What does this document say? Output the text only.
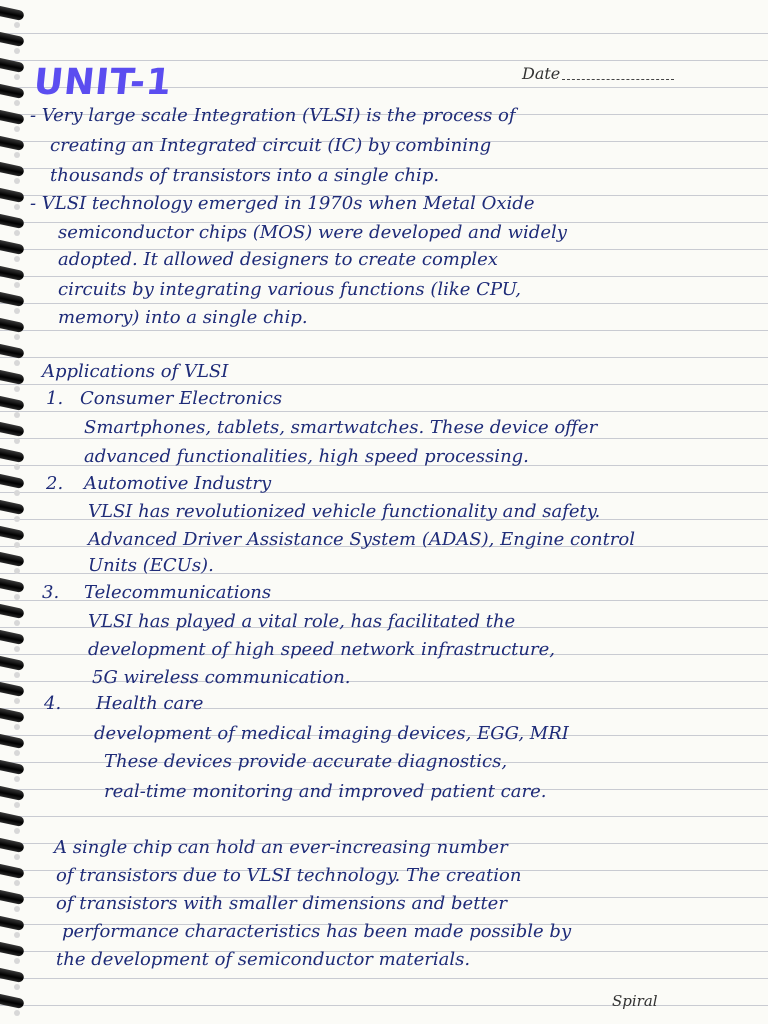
UNIT-1	Date
- Very large scale Integration (VLSI) is the process of
creating an Integrated circuit (IC) by combining
thousands of transistors into a single chip.
- VLSI technology emerged in 1970s when Metal Oxide
semiconductor chips (MOS) were developed and widely
adopted. It allowed designers to create complex
circuits by integrating various functions (like CPU,
memory) into a single chip.
Applications of VLSI
1. Consumer Electronics
Smartphones, tablets, smartwatches. These device offer
advanced functionalities, high speed processing.
2. Automotive Industry
VLSI has revolutionized vehicle functionality and safety.
Advanced Driver Assistance System (ADAS), Engine control
Units (ECUs).
3. Telecommunications
VLSI has played a vital role, has facilitated the
development of high speed network infrastructure,
5G wireless communication.
4. Health care
development of medical imaging devices, EGG, MRI
These devices provide accurate diagnostics,
real-time monitoring and improved patient care.
A single chip can hold an ever-increasing number
of transistors due to VLSI technology. The creation
of transistors with smaller dimensions and better
performance characteristics has been made possible by
the development of semiconductor materials.
Spiral
